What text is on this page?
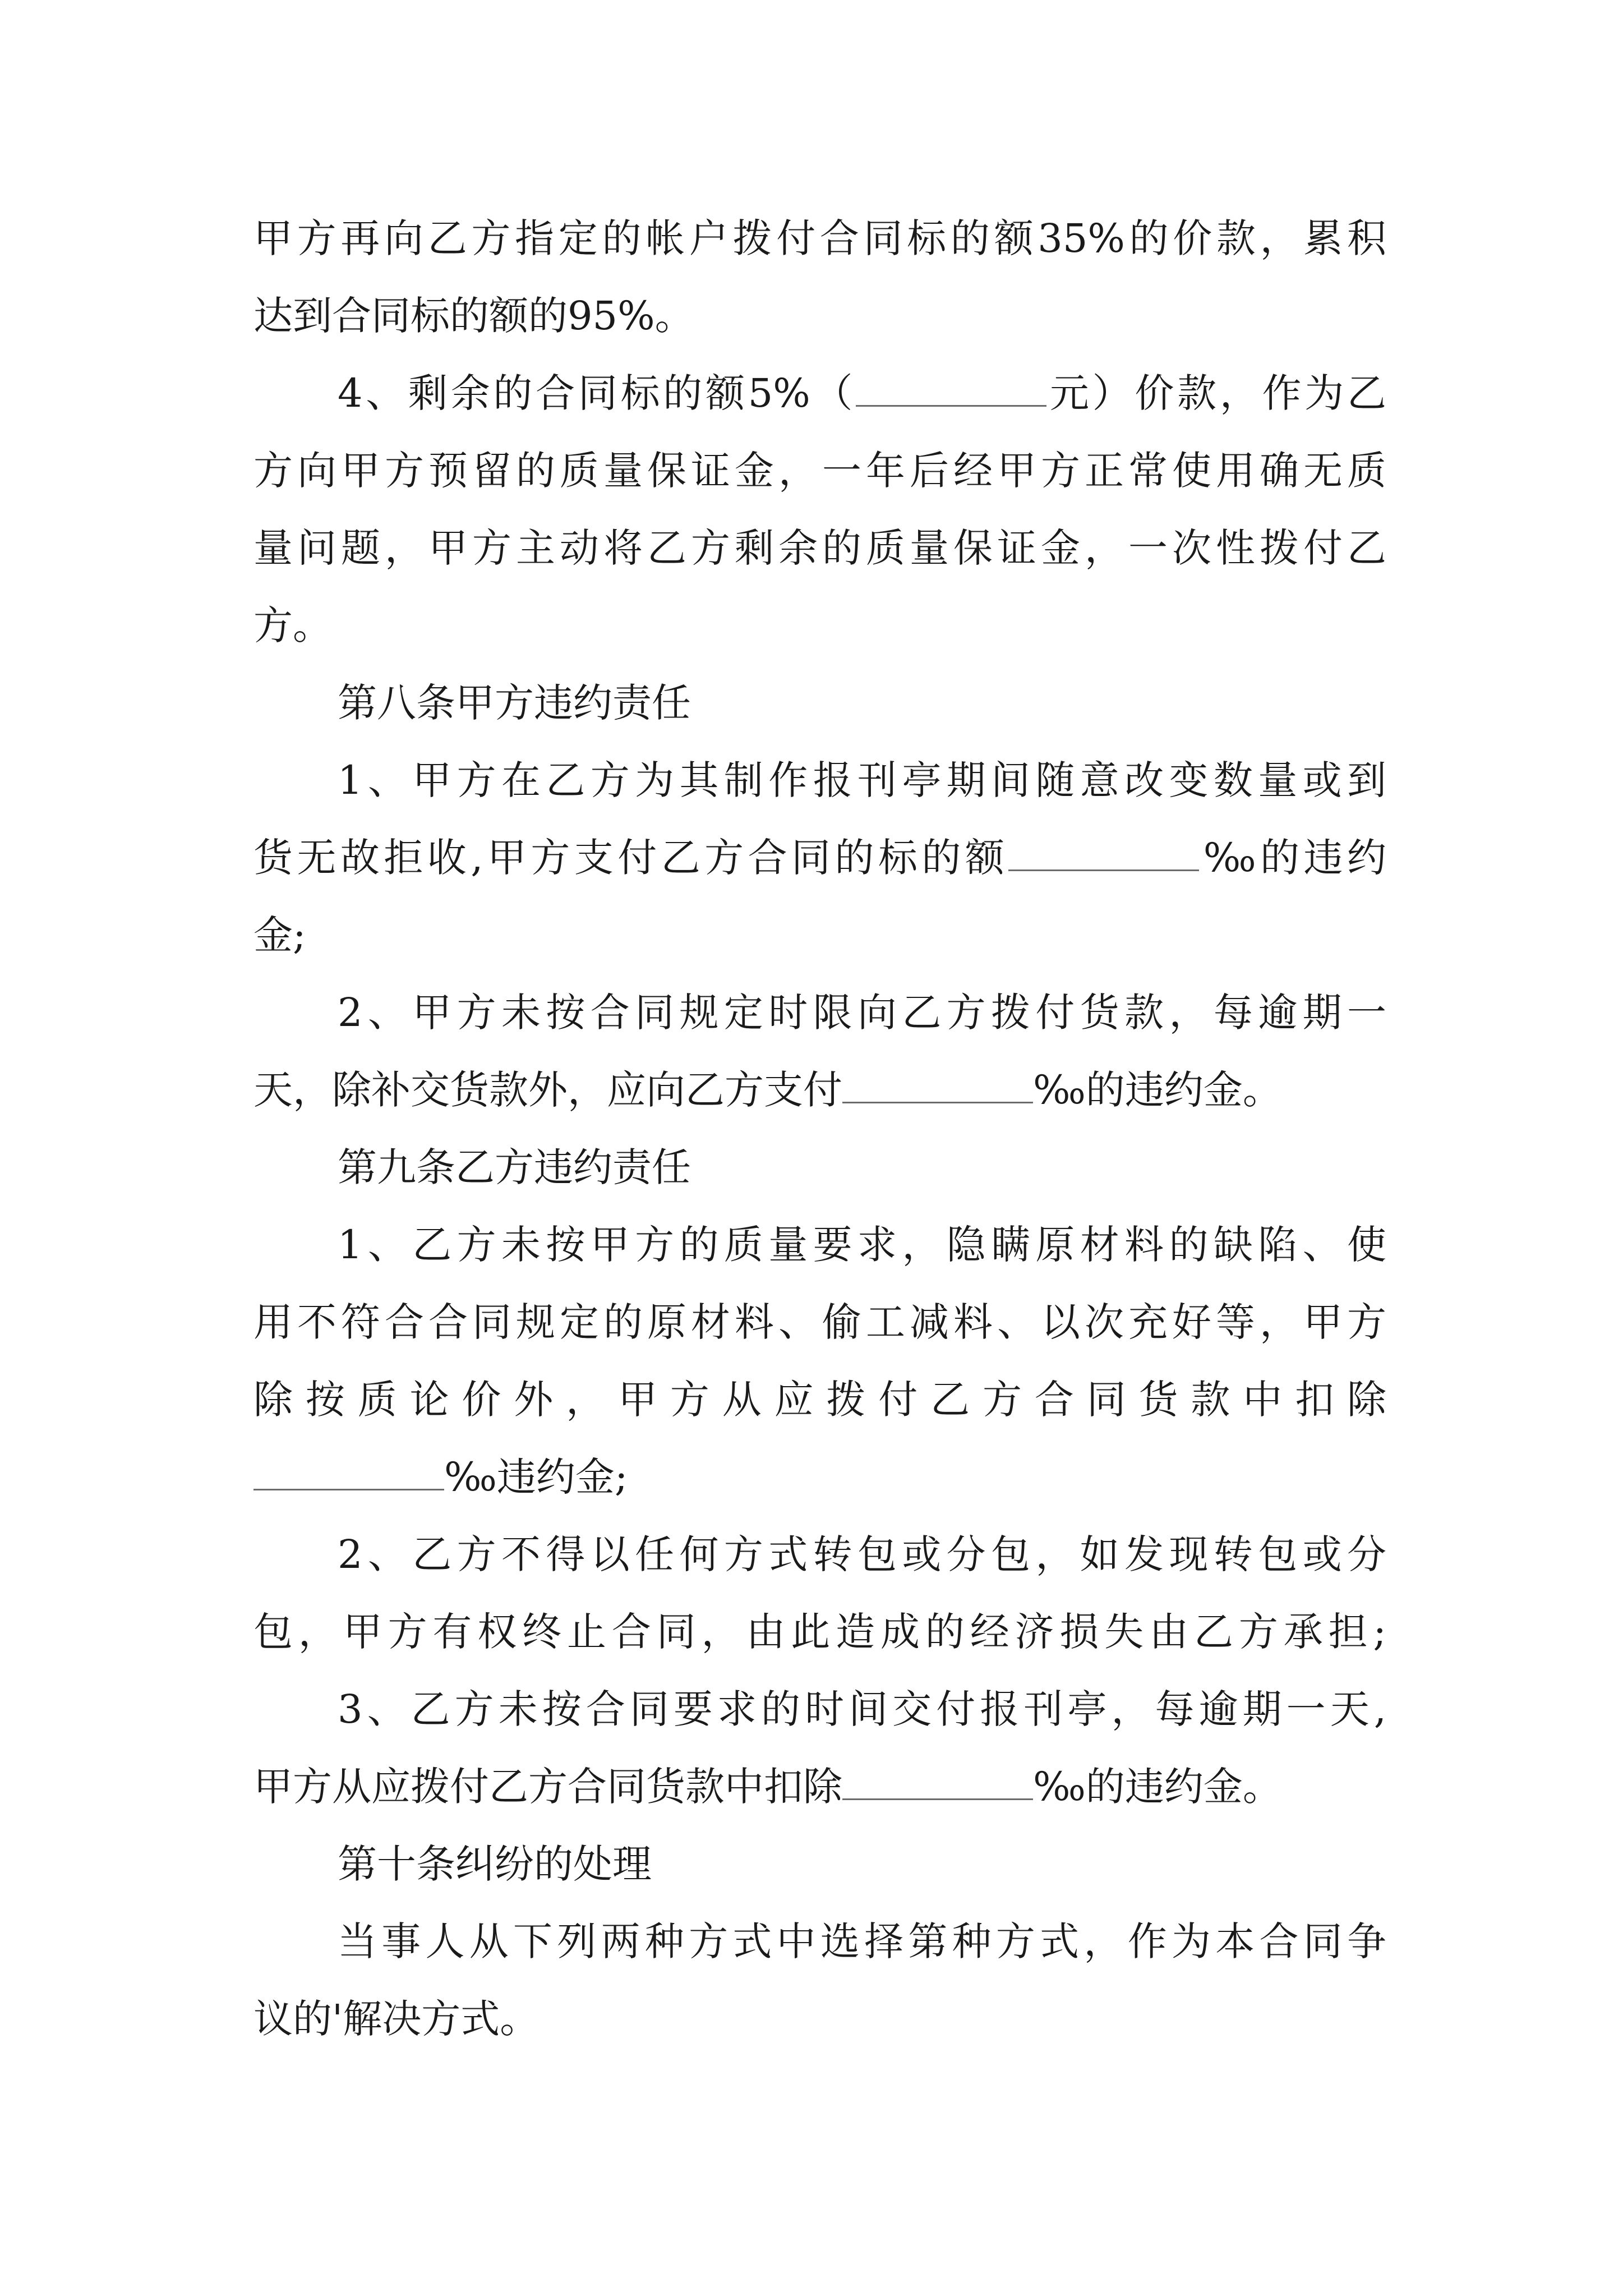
甲方再向乙方指定的帐户拨付合同标的额35%的价款，累积

达到合同标的额的95%。

4、剩余的合同标的额5%（	元）价款，作为乙

方向甲方预留的质量保证金，一年后经甲方正常使用确无质

量问题，甲方主动将乙方剩余的质量保证金，一次性拨付乙

方。

第八条甲方违约责任

1、甲方在乙方为其制作报刊亭期间随意改变数量或到

货无故拒收,甲方支付乙方合同的标的额	‰的违约

金;

2、甲方未按合同规定时限向乙方拨付货款，每逾期一

天，除补交货款外，应向乙方支付	‰的违约金。

第九条乙方违约责任

1、乙方未按甲方的质量要求，隐瞒原材料的缺陷、使

用不符合合同规定的原材料、偷工减料、以次充好等，甲方

除按质论价外，甲方从应拨付乙方合同货款中扣除

‰违约金;

2、乙方不得以任何方式转包或分包，如发现转包或分

包，甲方有权终止合同，由此造成的经济损失由乙方承担;

3、乙方未按合同要求的时间交付报刊亭，每逾期一天,

甲方从应拨付乙方合同货款中扣除	‰的违约金。

第十条纠纷的处理

当事人从下列两种方式中选择第种方式，作为本合同争

议的'解决方式。
